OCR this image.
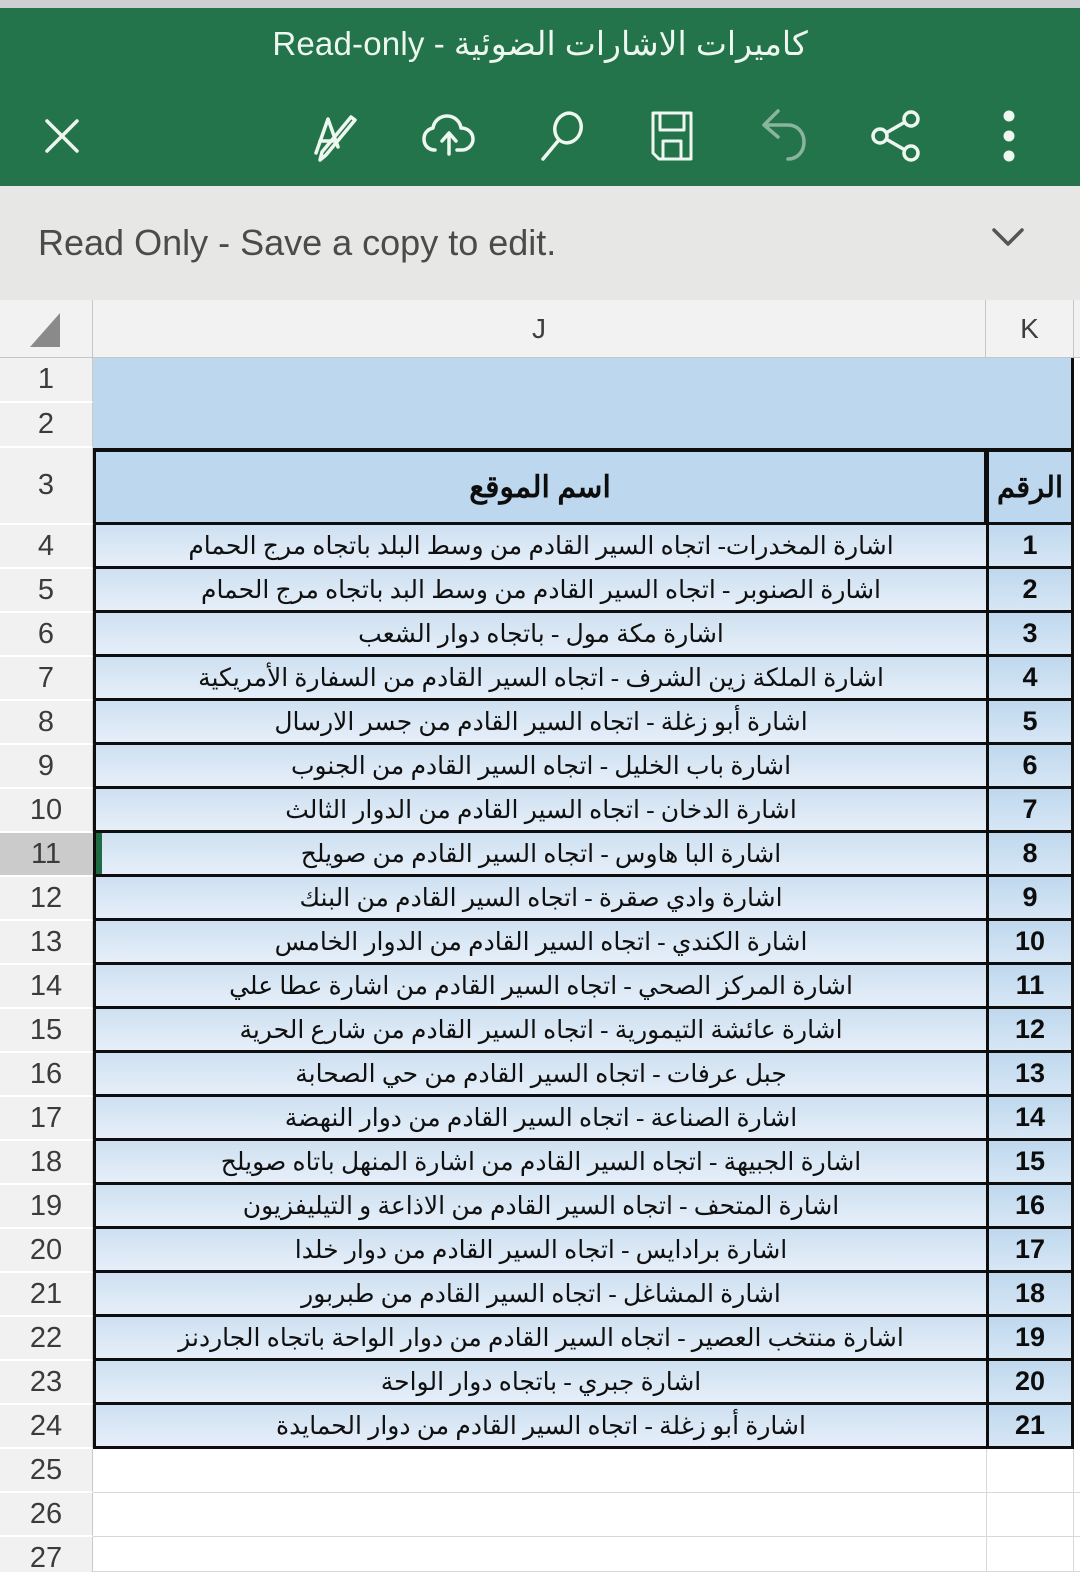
كاميرات الاشارات الضوئية - Read-only
Read Only - Save a copy to edit.
J	K
1
2
3	اسم الموقع	الرقم
4	اشارة المخدرات- اتجاه السير القادم من وسط البلد باتجاه مرج الحمام	1
5	اشارة الصنوبر - اتجاه السير القادم من وسط البد باتجاه مرج الحمام	2
6	اشارة مكة مول - باتجاه دوار الشعب	3
7	اشارة الملكة زين الشرف - اتجاه السير القادم من السفارة الأمريكية	4
8	اشارة أبو زغلة - اتجاه السير القادم من جسر الارسال	5
9	اشارة باب الخليل - اتجاه السير القادم من الجنوب	6
10	اشارة الدخان - اتجاه السير القادم من الدوار الثالث	7
11	اشارة البا هاوس - اتجاه السير القادم من صويلح	8
12	اشارة وادي صقرة - اتجاه السير القادم من البنك	9
13	اشارة الكندي - اتجاه السير القادم من الدوار الخامس	10
14	اشارة المركز الصحي - اتجاه السير القادم من اشارة عطا علي	11
15	اشارة عائشة التيمورية - اتجاه السير القادم من شارع الحرية	12
16	جبل عرفات - اتجاه السير القادم من حي الصحابة	13
17	اشارة الصناعة - اتجاه السير القادم من دوار النهضة	14
18	اشارة الجبيهة - اتجاه السير القادم من اشارة المنهل باتاه صويلح	15
19	اشارة المتحف - اتجاه السير القادم من الاذاعة و التيليفزيون	16
20	اشارة برادايس - اتجاه السير القادم من دوار خلدا	17
21	اشارة المشاغل - اتجاه السير القادم من طبربور	18
22	اشارة منتخب العصير - اتجاه السير القادم من دوار الواحة باتجاه الجاردنز	19
23	اشارة جبري - باتجاه دوار الواحة	20
24	اشارة أبو زغلة - اتجاه السير القادم من دوار الحمايدة	21
25
26
27
